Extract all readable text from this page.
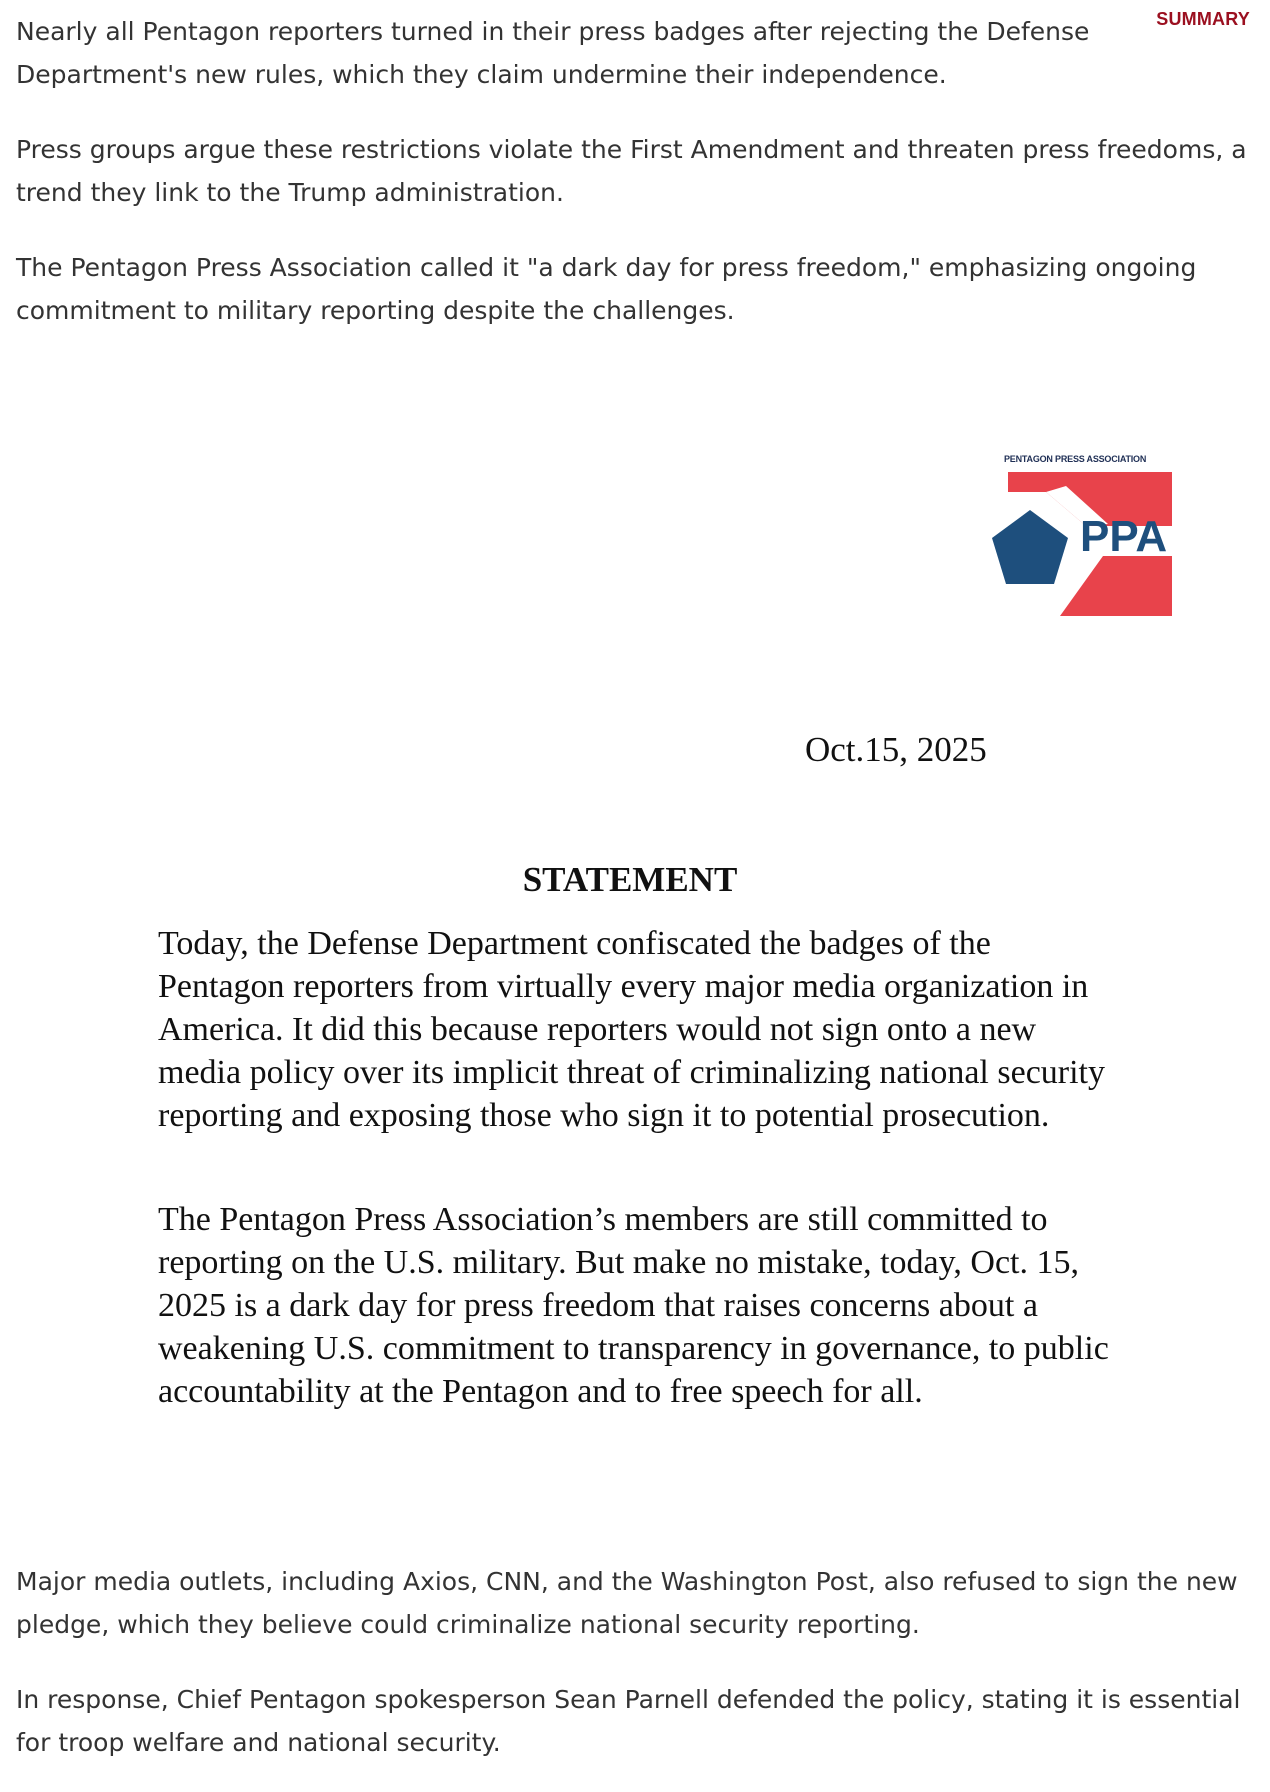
SUMMARY

Nearly all Pentagon reporters turned in their press badges after rejecting the Defense Department's new rules, which they claim undermine their independence.

Press groups argue these restrictions violate the First Amendment and threaten press freedoms, a trend they link to the Trump administration.

The Pentagon Press Association called it "a dark day for press freedom," emphasizing ongoing commitment to military reporting despite the challenges.

PENTAGON PRESS ASSOCIATION
PPA
Oct.15, 2025
STATEMENT

Today, the Defense Department confiscated the badges of the Pentagon reporters from virtually every major media organization in America. It did this because reporters would not sign onto a new media policy over its implicit threat of criminalizing national security reporting and exposing those who sign it to potential prosecution.

The Pentagon Press Association’s members are still committed to reporting on the U.S. military. But make no mistake, today, Oct. 15, 2025 is a dark day for press freedom that raises concerns about a weakening U.S. commitment to transparency in governance, to public accountability at the Pentagon and to free speech for all.

Major media outlets, including Axios, CNN, and the Washington Post, also refused to sign the new pledge, which they believe could criminalize national security reporting.

In response, Chief Pentagon spokesperson Sean Parnell defended the policy, stating it is essential for troop welfare and national security.
